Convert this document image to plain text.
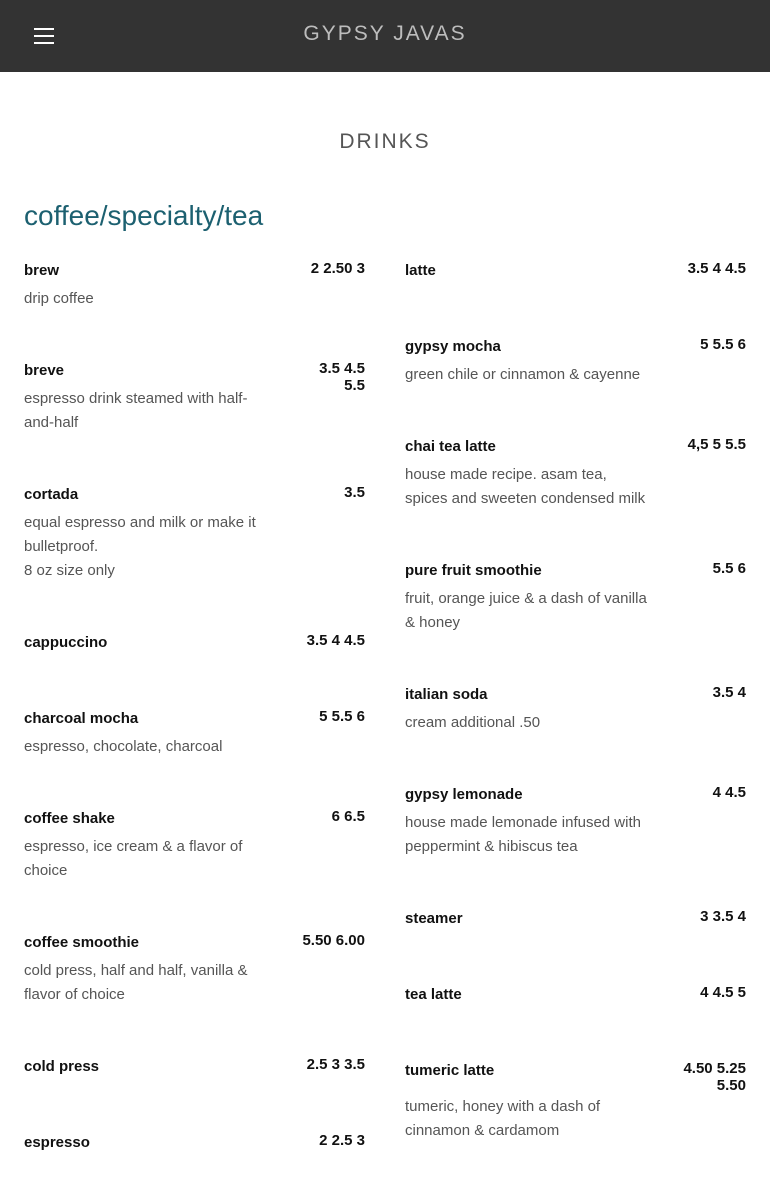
GYPSY JAVAS
DRINKS
coffee/specialty/tea
brew	2 2.50 3
drip coffee
breve	3.5 4.5 5.5
espresso drink steamed with half-and-half
cortada	3.5
equal espresso and milk or make it bulletproof.
8 oz size only
cappuccino	3.5 4 4.5
charcoal mocha	5 5.5 6
espresso, chocolate, charcoal
coffee shake	6 6.5
espresso, ice cream & a flavor of choice
coffee smoothie	5.50 6.00
cold press, half and half, vanilla & flavor of choice
cold press	2.5 3 3.5
espresso	2 2.5 3
latte	3.5 4 4.5
gypsy mocha	5 5.5 6
green chile or cinnamon & cayenne
chai tea latte	4,5 5 5.5
house made recipe. asam tea, spices and sweeten condensed milk
pure fruit smoothie	5.5 6
fruit, orange juice & a dash of vanilla & honey
italian soda	3.5 4
cream additional .50
gypsy lemonade	4 4.5
house made lemonade infused with peppermint & hibiscus tea
steamer	3 3.5 4
tea latte	4 4.5 5
tumeric latte	4.50 5.25 5.50
tumeric, honey with a dash of cinnamon & cardamom
